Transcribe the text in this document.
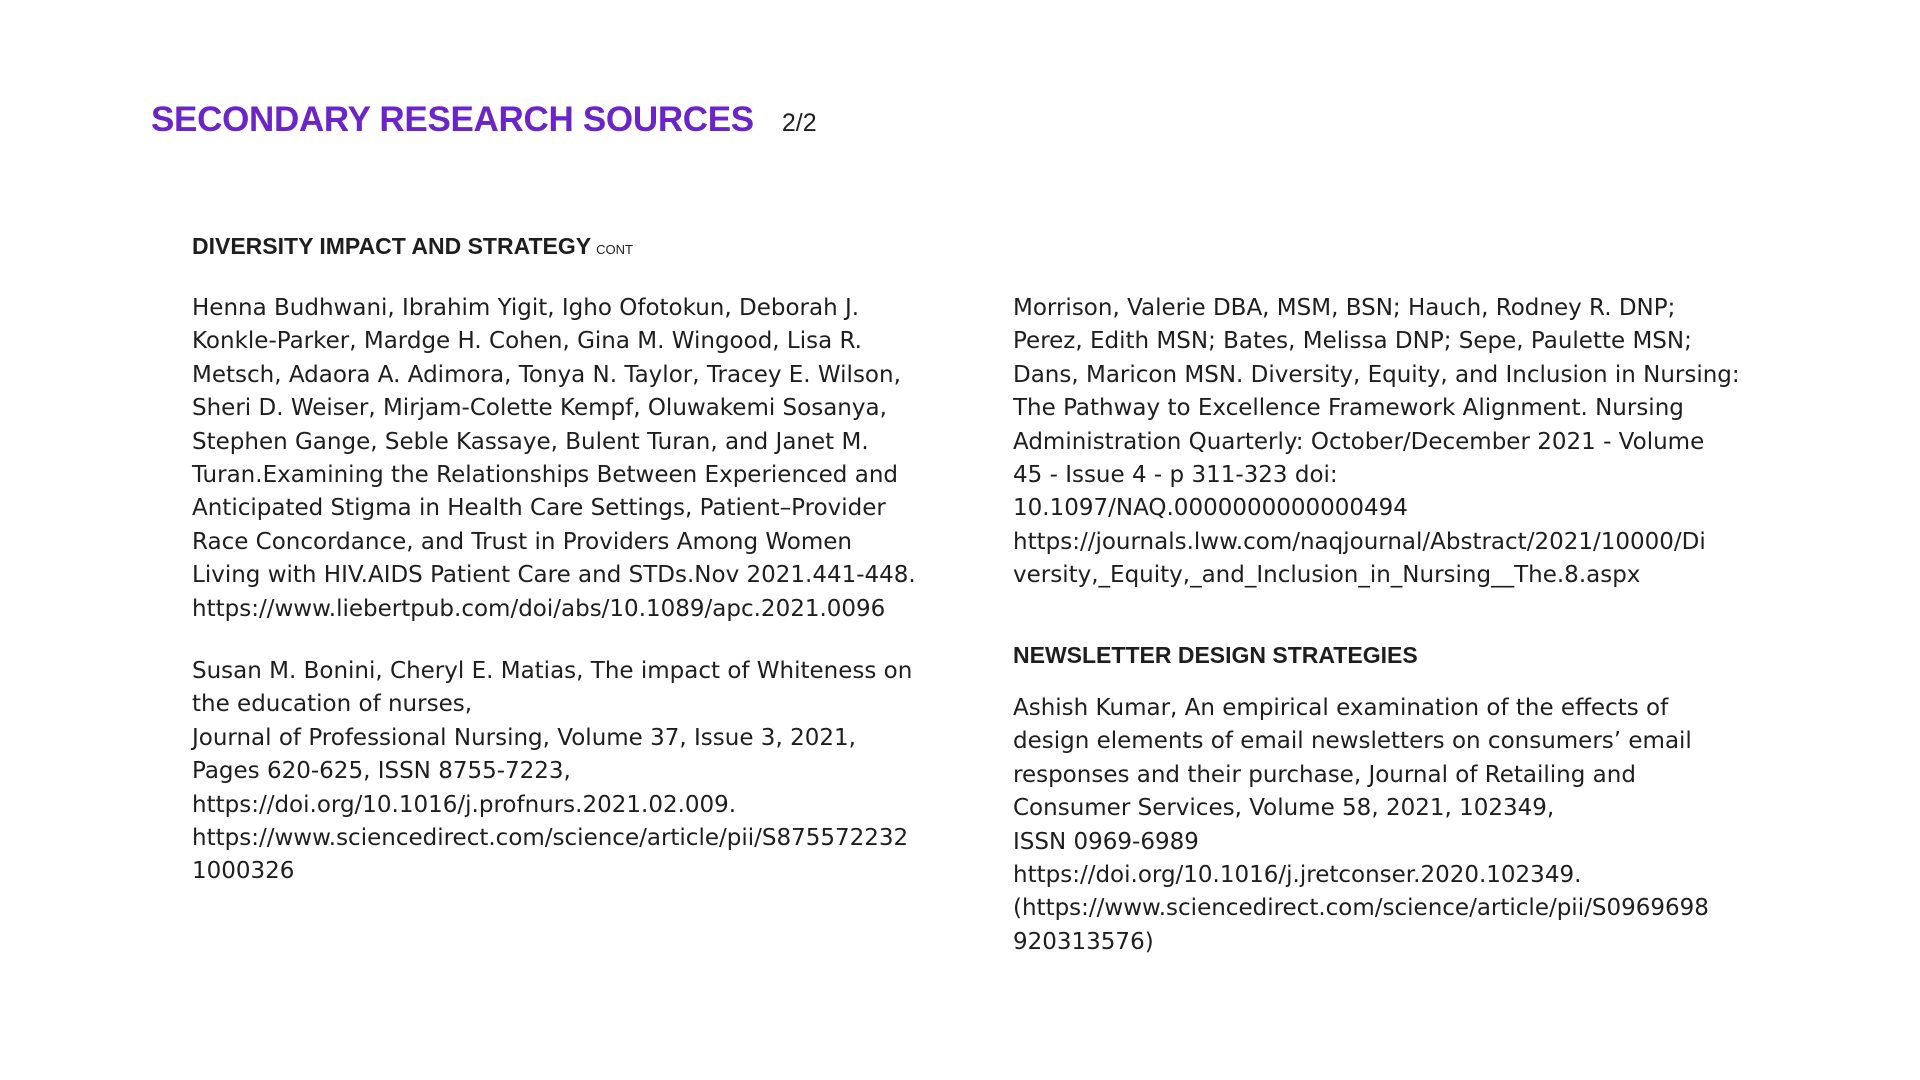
SECONDARY RESEARCH SOURCES 2/2
DIVERSITY IMPACT AND STRATEGY CONT

Henna Budhwani, Ibrahim Yigit, Igho Ofotokun, Deborah J.
Konkle-Parker, Mardge H. Cohen, Gina M. Wingood, Lisa R.
Metsch, Adaora A. Adimora, Tonya N. Taylor, Tracey E. Wilson,
Sheri D. Weiser, Mirjam-Colette Kempf, Oluwakemi Sosanya,
Stephen Gange, Seble Kassaye, Bulent Turan, and Janet M.
Turan.Examining the Relationships Between Experienced and
Anticipated Stigma in Health Care Settings, Patient–Provider
Race Concordance, and Trust in Providers Among Women
Living with HIV.AIDS Patient Care and STDs.Nov 2021.441-448.
https://www.liebertpub.com/doi/abs/10.1089/apc.2021.0096

Susan M. Bonini, Cheryl E. Matias, The impact of Whiteness on
the education of nurses,
Journal of Professional Nursing, Volume 37, Issue 3, 2021,
Pages 620-625, ISSN 8755-7223,
https://doi.org/10.1016/j.profnurs.2021.02.009.
https://www.sciencedirect.com/science/article/pii/S875572232
1000326

Morrison, Valerie DBA, MSM, BSN; Hauch, Rodney R. DNP;
Perez, Edith MSN; Bates, Melissa DNP; Sepe, Paulette MSN;
Dans, Maricon MSN. Diversity, Equity, and Inclusion in Nursing:
The Pathway to Excellence Framework Alignment. Nursing
Administration Quarterly: October/December 2021 - Volume
45 - Issue 4 - p 311-323 doi:
10.1097/NAQ.0000000000000494
https://journals.lww.com/naqjournal/Abstract/2021/10000/Di
versity,_Equity,_and_Inclusion_in_Nursing__The.8.aspx

NEWSLETTER DESIGN STRATEGIES

Ashish Kumar, An empirical examination of the effects of
design elements of email newsletters on consumers’ email
responses and their purchase, Journal of Retailing and
Consumer Services, Volume 58, 2021, 102349,
ISSN 0969-6989
https://doi.org/10.1016/j.jretconser.2020.102349.
(https://www.sciencedirect.com/science/article/pii/S0969698
920313576)
